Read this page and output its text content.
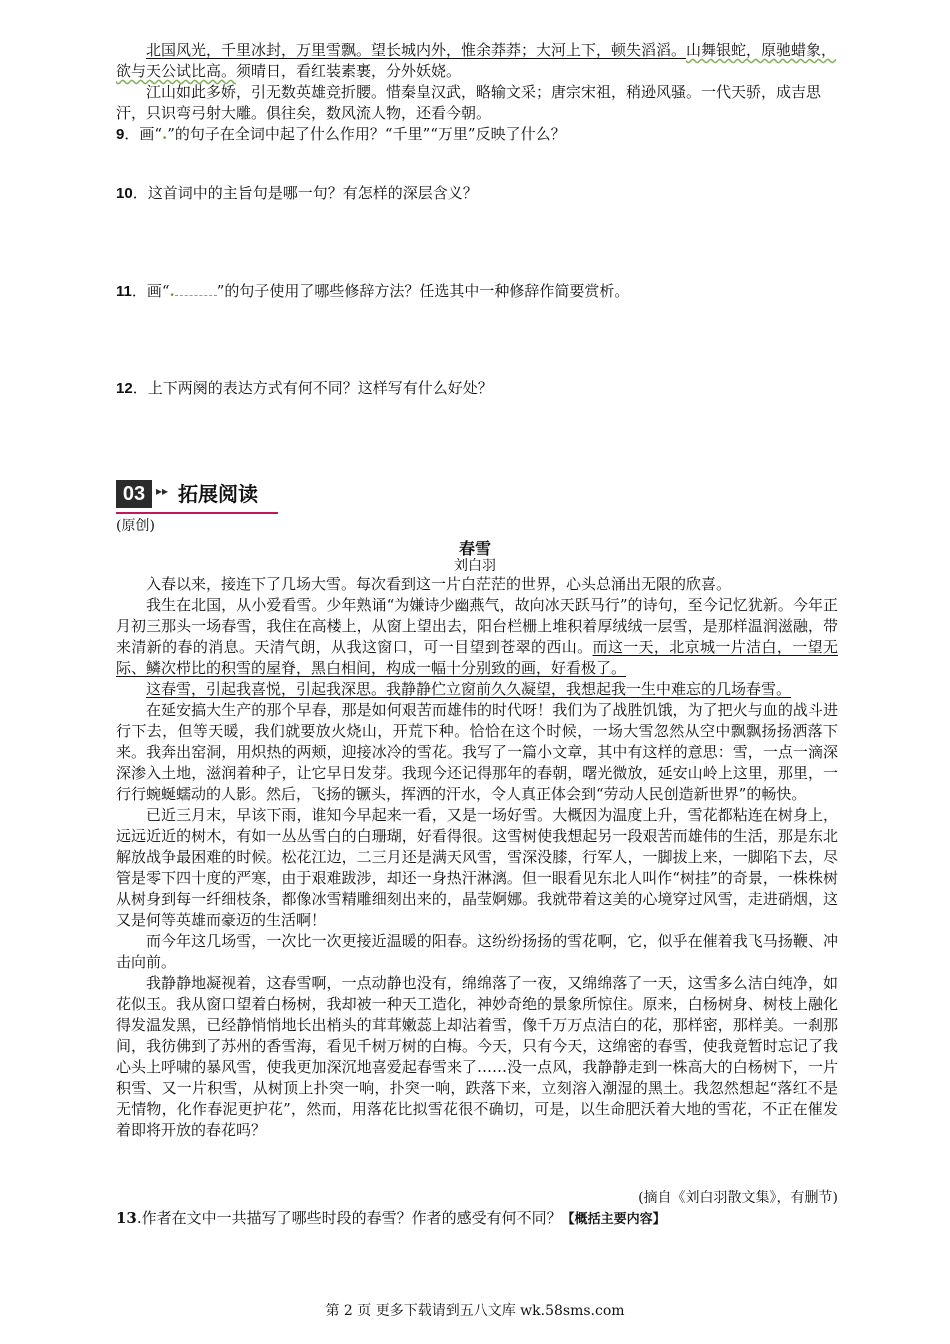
北国风光，千里冰封，万里雪飘。望长城内外，惟余莽莽；大河上下，顿失滔滔。山舞银蛇，原驰蜡象，欲与天公试比高。须晴日，看红装素裹，分外妖娆。

江山如此多娇，引无数英雄竞折腰。惜秦皇汉武，略输文采；唐宗宋祖，稍逊风骚。一代天骄，成吉思汗，只识弯弓射大雕。俱往矣，数风流人物，还看今朝。

9．画“.”的句子在全词中起了什么作用？“千里”“万里”反映了什么？
10．这首词中的主旨句是哪一句？有怎样的深层含义？
11．画“.	”的句子使用了哪些修辞方法？任选其中一种修辞作简要赏析。
12．上下两阕的表达方式有何不同？这样写有什么好处？
03 ▸▸ 拓展阅读
(原创)
春雪
刘白羽

入春以来，接连下了几场大雪。每次看到这一片白茫茫的世界，心头总涌出无限的欣喜。

我生在北国，从小爱看雪。少年熟诵“为嫌诗少幽燕气，故向冰天跃马行”的诗句，至今记忆犹新。今年正月初三那头一场春雪，我住在高楼上，从窗上望出去，阳台栏栅上堆积着厚绒绒一层雪，是那样温润滋融，带来清新的春的消息。天清气朗，从我这窗口，可一目望到苍翠的西山。而这一天，北京城一片洁白，一望无际、鳞次栉比的积雪的屋脊，黑白相间，构成一幅十分别致的画，好看极了。

这春雪，引起我喜悦，引起我深思。我静静伫立窗前久久凝望，我想起我一生中难忘的几场春雪。

在延安搞大生产的那个早春，那是如何艰苦而雄伟的时代呀！我们为了战胜饥饿，为了把火与血的战斗进行下去，但等天暖，我们就要放火烧山，开荒下种。恰恰在这个时候，一场大雪忽然从空中飘飘扬扬洒落下来。我奔出窑洞，用炽热的两颊，迎接冰冷的雪花。我写了一篇小文章，其中有这样的意思：雪，一点一滴深深渗入土地，滋润着种子，让它早日发芽。我现今还记得那年的春朝，曙光微放，延安山岭上这里，那里，一行行蜿蜒蠕动的人影。然后，飞扬的镢头，挥洒的汗水，令人真正体会到“劳动人民创造新世界”的畅快。

已近三月末，早该下雨，谁知今早起来一看，又是一场好雪。大概因为温度上升，雪花都粘连在树身上，远远近近的树木，有如一丛丛雪白的白珊瑚，好看得很。这雪树使我想起另一段艰苦而雄伟的生活，那是东北解放战争最困难的时候。松花江边，二三月还是满天风雪，雪深没膝，行军人，一脚拔上来，一脚陷下去，尽管是零下四十度的严寒，由于艰难跋涉，却还一身热汗淋漓。但一眼看见东北人叫作“树挂”的奇景，一株株树从树身到每一纤细枝条，都像冰雪精雕细刻出来的，晶莹婀娜。我就带着这美的心境穿过风雪，走进硝烟，这又是何等英雄而豪迈的生活啊！

而今年这几场雪，一次比一次更接近温暖的阳春。这纷纷扬扬的雪花啊，它，似乎在催着我飞马扬鞭、冲击向前。

我静静地凝视着，这春雪啊，一点动静也没有，绵绵落了一夜，又绵绵落了一天，这雪多么洁白纯净，如花似玉。我从窗口望着白杨树，我却被一种天工造化，神妙奇绝的景象所惊住。原来，白杨树身、树枝上融化得发温发黑，已经静悄悄地长出梢头的茸茸嫩蕊上却沾着雪，像千万万点洁白的花，那样密，那样美。一刹那间，我彷佛到了苏州的香雪海，看见千树万树的白梅。今天，只有今天，这绵密的春雪，使我竟暂时忘记了我心头上呼啸的暴风雪，使我更加深沉地喜爱起春雪来了……没一点风，我静静走到一株高大的白杨树下，一片积雪、又一片积雪，从树顶上扑突一响，扑突一响，跌落下来，立刻溶入潮湿的黑土。我忽然想起“落红不是无情物，化作春泥更护花”，然而，用落花比拟雪花很不确切，可是，以生命肥沃着大地的雪花，不正在催发着即将开放的春花吗？

(摘自《刘白羽散文集》，有删节)
13.作者在文中一共描写了哪些时段的春雪？作者的感受有何不同？【概括主要内容】
第 2 页 更多下载请到五八文库 wk.58sms.com
